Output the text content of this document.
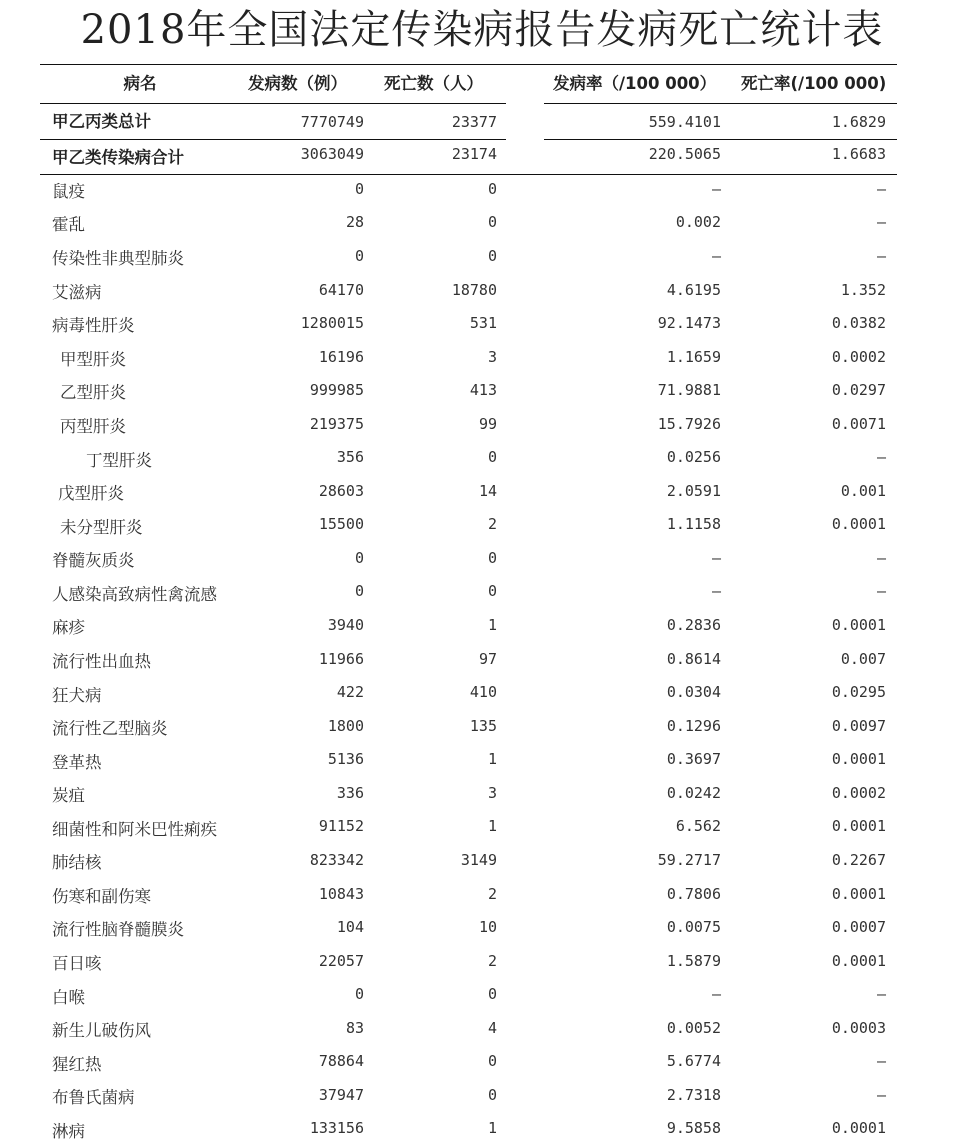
2018年全国法定传染病报告发病死亡统计表
病名	发病数（例）	死亡数（人）	发病率（/100 000）	死亡率(/100 000)
甲乙丙类总计	7770749	23377	559.4101	1.6829
甲乙类传染病合计	3063049	23174	220.5065	1.6683
鼠疫	0	0	–	–
霍乱	28	0	0.002	–
传染性非典型肺炎	0	0	–	–
艾滋病	64170	18780	4.6195	1.352
病毒性肝炎	1280015	531	92.1473	0.0382
甲型肝炎	16196	3	1.1659	0.0002
乙型肝炎	999985	413	71.9881	0.0297
丙型肝炎	219375	99	15.7926	0.0071
丁型肝炎	356	0	0.0256	–
戊型肝炎	28603	14	2.0591	0.001
未分型肝炎	15500	2	1.1158	0.0001
脊髓灰质炎	0	0	–	–
人感染高致病性禽流感	0	0	–	–
麻疹	3940	1	0.2836	0.0001
流行性出血热	11966	97	0.8614	0.007
狂犬病	422	410	0.0304	0.0295
流行性乙型脑炎	1800	135	0.1296	0.0097
登革热	5136	1	0.3697	0.0001
炭疽	336	3	0.0242	0.0002
细菌性和阿米巴性痢疾	91152	1	6.562	0.0001
肺结核	823342	3149	59.2717	0.2267
伤寒和副伤寒	10843	2	0.7806	0.0001
流行性脑脊髓膜炎	104	10	0.0075	0.0007
百日咳	22057	2	1.5879	0.0001
白喉	0	0	–	–
新生儿破伤风	83	4	0.0052	0.0003
猩红热	78864	0	5.6774	–
布鲁氏菌病	37947	0	2.7318	–
淋病	133156	1	9.5858	0.0001
